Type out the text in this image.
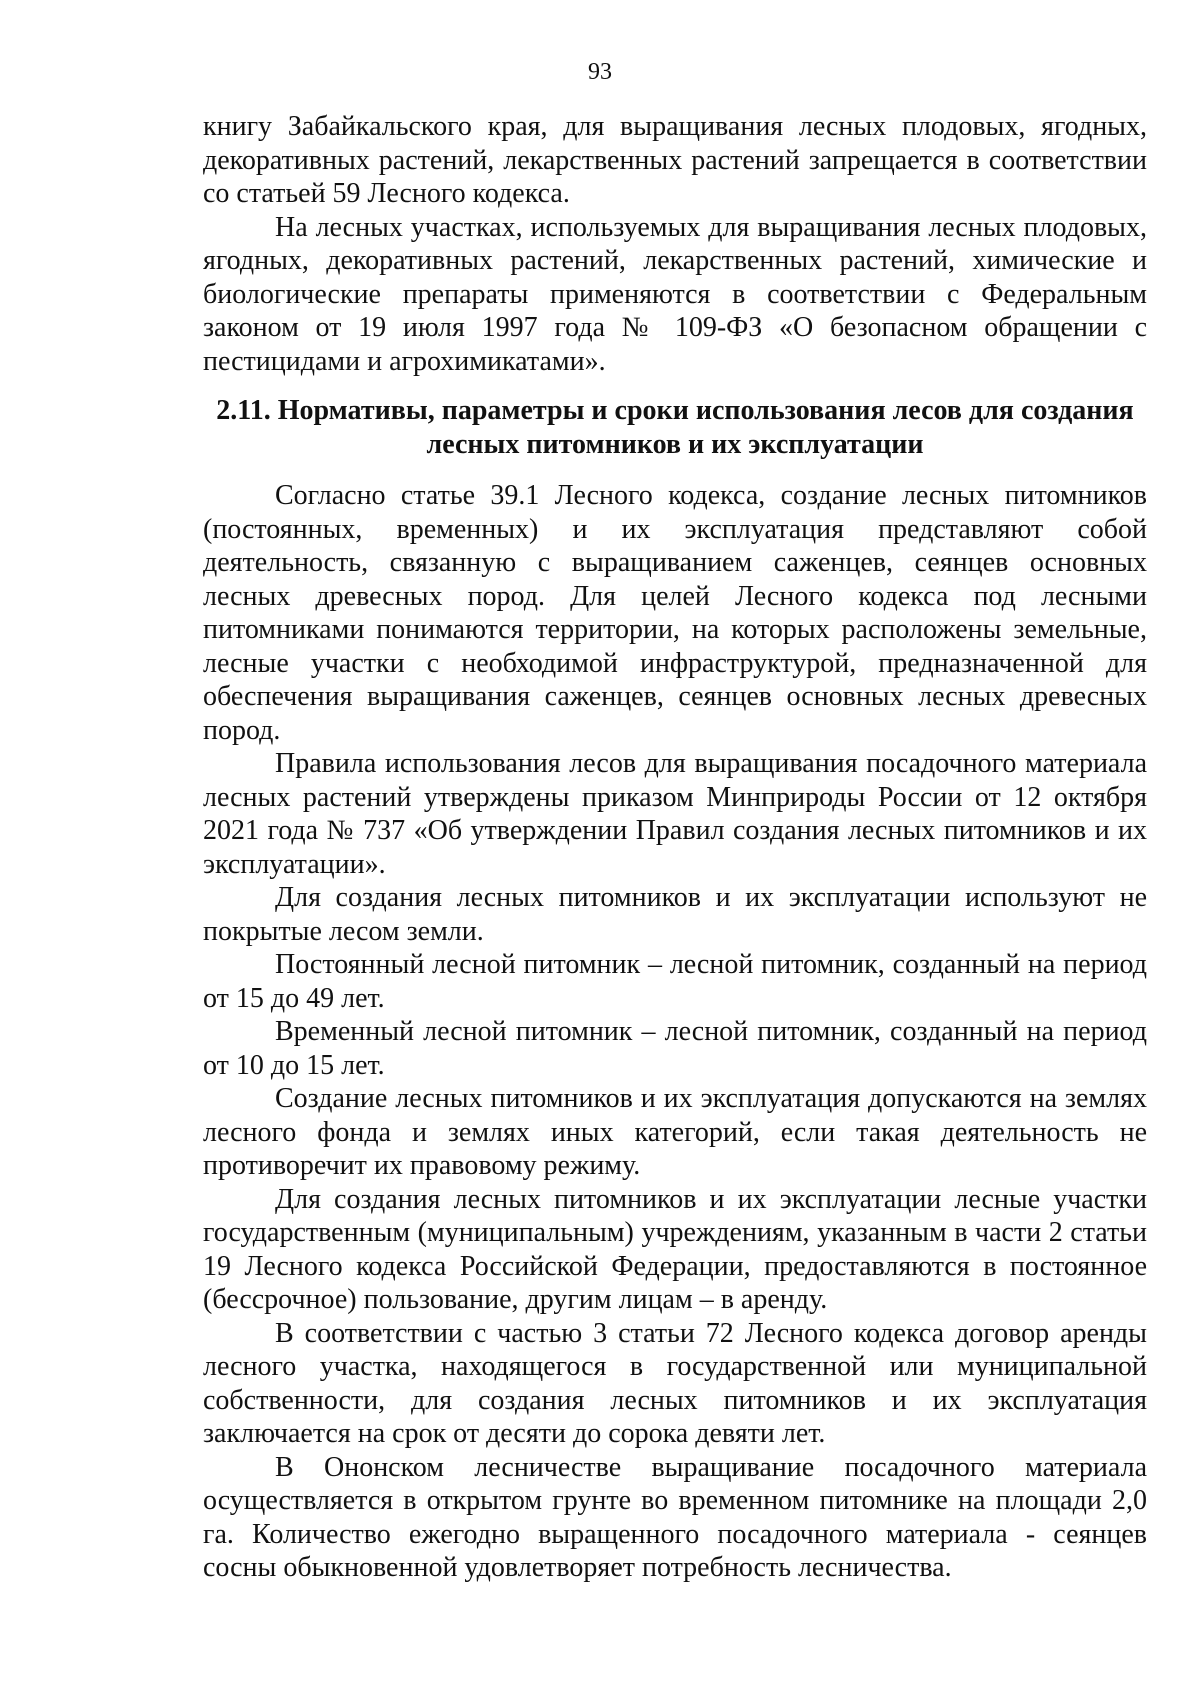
93

книгу Забайкальского края, для выращивания лесных плодовых, ягодных, декоративных растений, лекарственных растений запрещается в соответствии со статьей 59 Лесного кодекса.

На лесных участках, используемых для выращивания лесных плодовых, ягодных, декоративных растений, лекарственных растений, химические и биологические препараты применяются в соответствии с Федеральным законом от 19 июля 1997 года № 109-ФЗ «О безопасном обращении с пестицидами и агрохимикатами».

2.11. Нормативы, параметры и сроки использования лесов для создания
лесных питомников и их эксплуатации

Согласно статье 39.1 Лесного кодекса, создание лесных питомников (постоянных, временных) и их эксплуатация представляют собой деятельность, связанную с выращиванием саженцев, сеянцев основных лесных древесных пород. Для целей Лесного кодекса под лесными питомниками понимаются территории, на которых расположены земельные, лесные участки с необходимой инфраструктурой, предназначенной для обеспечения выращивания саженцев, сеянцев основных лесных древесных пород.

Правила использования лесов для выращивания посадочного материала лесных растений утверждены приказом Минприроды России от 12 октября 2021 года № 737 «Об утверждении Правил создания лесных питомников и их эксплуатации».

Для создания лесных питомников и их эксплуатации используют не покрытые лесом земли.

Постоянный лесной питомник – лесной питомник, созданный на период от 15 до 49 лет.

Временный лесной питомник – лесной питомник, созданный на период от 10 до 15 лет.

Создание лесных питомников и их эксплуатация допускаются на землях лесного фонда и землях иных категорий, если такая деятельность не противоречит их правовому режиму.

Для создания лесных питомников и их эксплуатации лесные участки государственным (муниципальным) учреждениям, указанным в части 2 статьи 19 Лесного кодекса Российской Федерации, предоставляются в постоянное (бессрочное) пользование, другим лицам – в аренду.

В соответствии с частью 3 статьи 72 Лесного кодекса договор аренды лесного участка, находящегося в государственной или муниципальной собственности, для создания лесных питомников и их эксплуатация заключается на срок от десяти до сорока девяти лет.

В Ононском лесничестве выращивание посадочного материала осуществляется в открытом грунте во временном питомнике на площади 2,0 га. Количество ежегодно выращенного посадочного материала - сеянцев сосны обыкновенной удовлетворяет потребность лесничества.
